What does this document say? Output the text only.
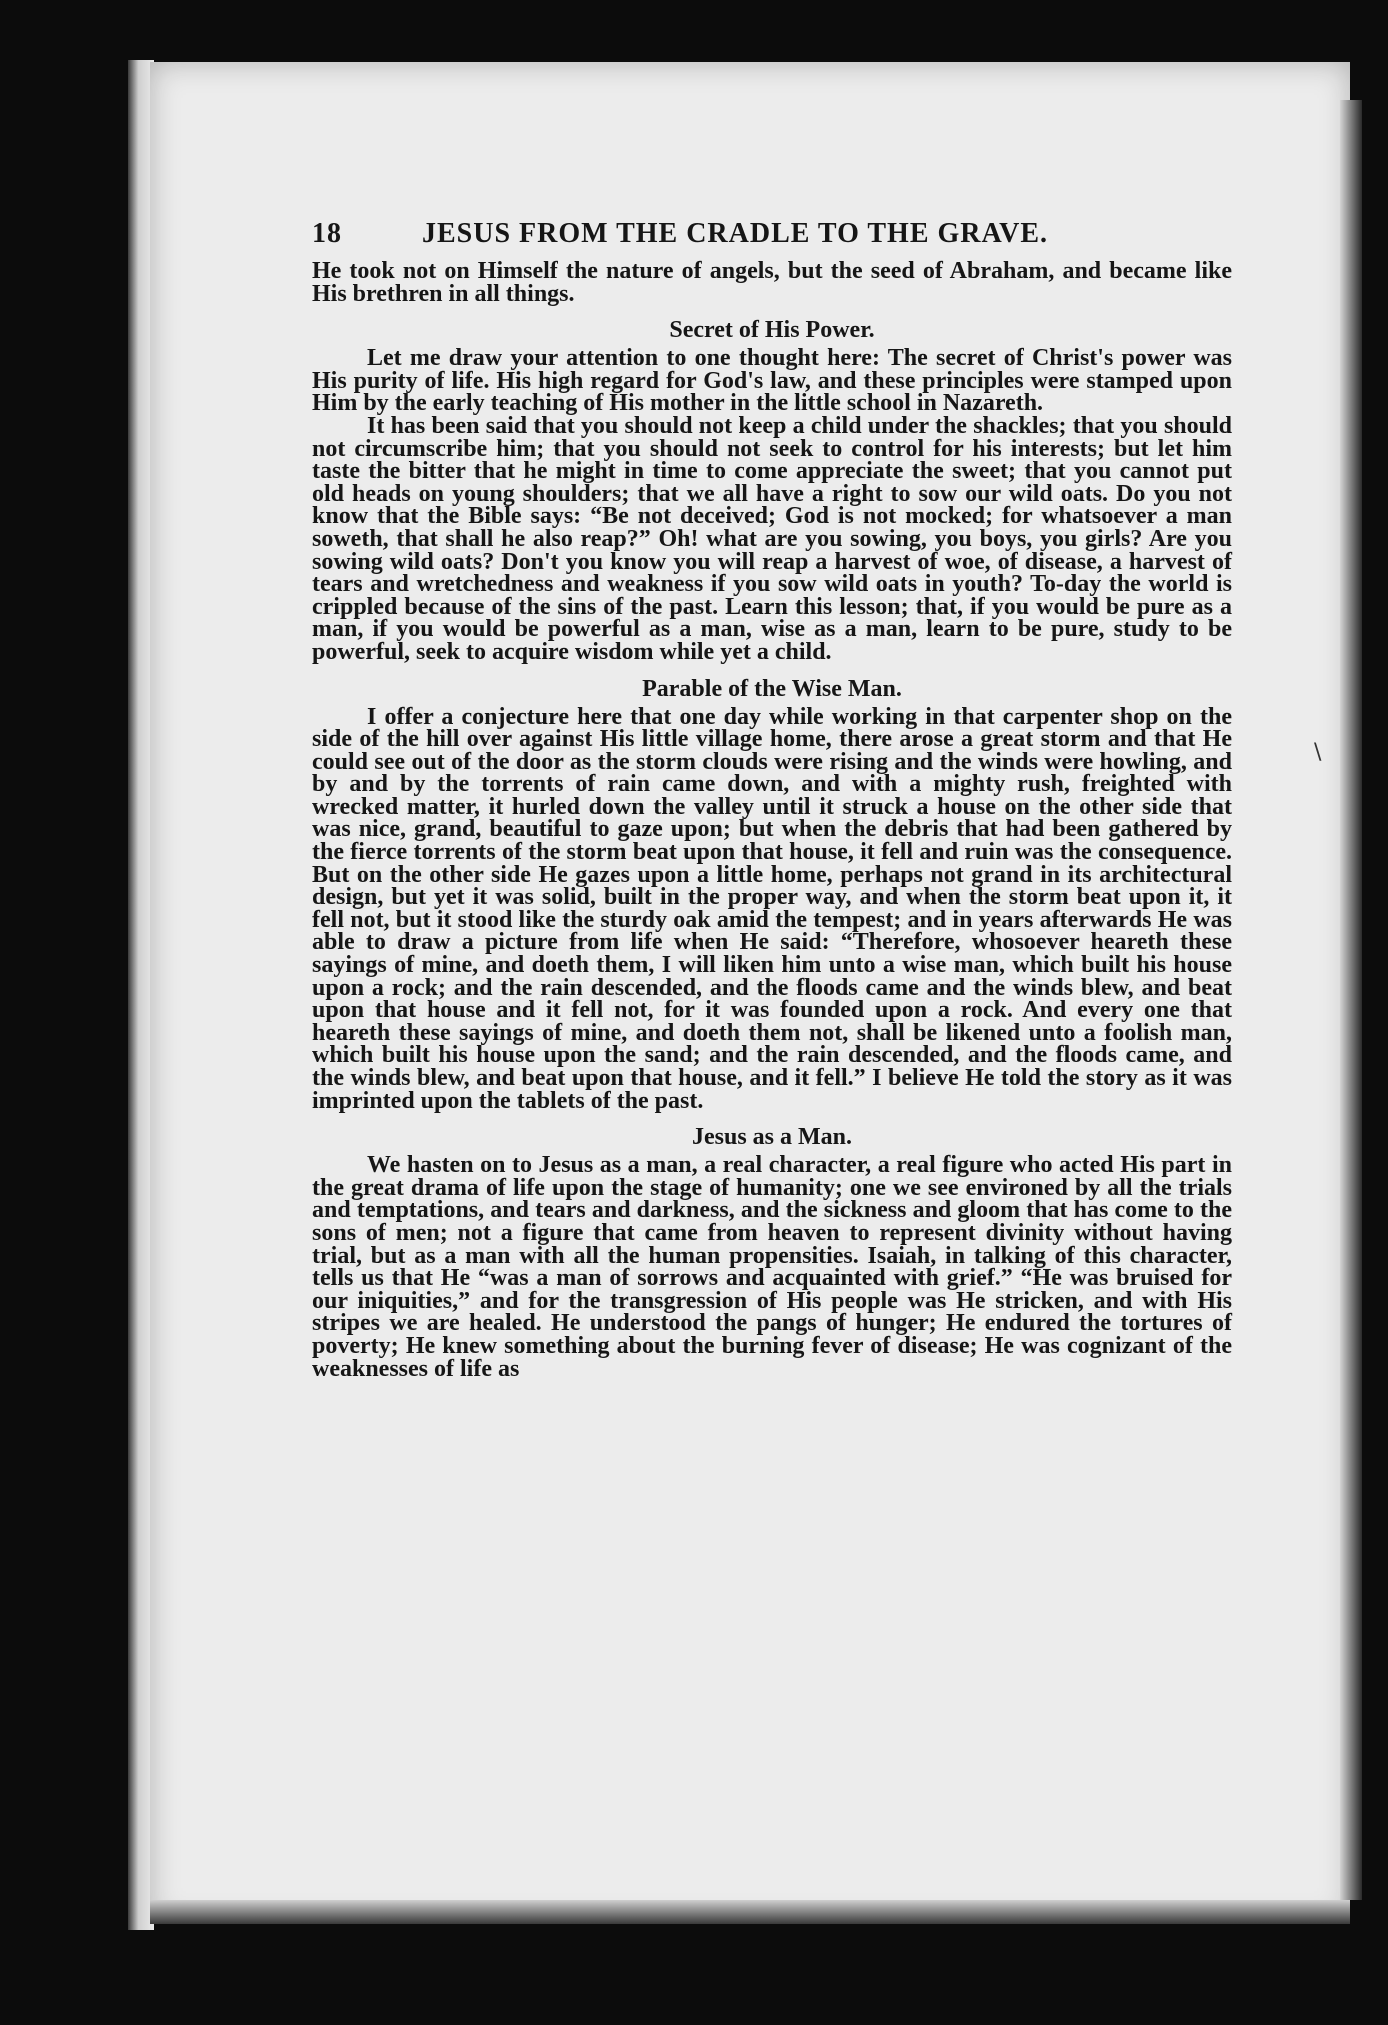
18	JESUS FROM THE CRADLE TO THE GRAVE.

He took not on Himself the nature of angels, but the seed of Abraham, and became like His brethren in all things.

Secret of His Power.

Let me draw your attention to one thought here: The secret of Christ's power was His purity of life. His high regard for God's law, and these principles were stamped upon Him by the early teaching of His mother in the little school in Nazareth.

It has been said that you should not keep a child under the shackles; that you should not circumscribe him; that you should not seek to control for his interests; but let him taste the bitter that he might in time to come appreciate the sweet; that you cannot put old heads on young shoulders; that we all have a right to sow our wild oats. Do you not know that the Bible says: “Be not deceived; God is not mocked; for whatsoever a man soweth, that shall he also reap?” Oh! what are you sowing, you boys, you girls? Are you sowing wild oats? Don't you know you will reap a harvest of woe, of disease, a harvest of tears and wretchedness and weakness if you sow wild oats in youth? To-day the world is crippled because of the sins of the past. Learn this lesson; that, if you would be pure as a man, if you would be powerful as a man, wise as a man, learn to be pure, study to be powerful, seek to acquire wisdom while yet a child.

Parable of the Wise Man.

I offer a conjecture here that one day while working in that carpenter shop on the side of the hill over against His little village home, there arose a great storm and that He could see out of the door as the storm clouds were rising and the winds were howling, and by and by the torrents of rain came down, and with a mighty rush, freighted with wrecked matter, it hurled down the valley until it struck a house on the other side that was nice, grand, beautiful to gaze upon; but when the debris that had been gathered by the fierce torrents of the storm beat upon that house, it fell and ruin was the consequence. But on the other side He gazes upon a little home, perhaps not grand in its architectural design, but yet it was solid, built in the proper way, and when the storm beat upon it, it fell not, but it stood like the sturdy oak amid the tempest; and in years afterwards He was able to draw a picture from life when He said: “Therefore, whosoever heareth these sayings of mine, and doeth them, I will liken him unto a wise man, which built his house upon a rock; and the rain descended, and the floods came and the winds blew, and beat upon that house and it fell not, for it was founded upon a rock. And every one that heareth these sayings of mine, and doeth them not, shall be likened unto a foolish man, which built his house upon the sand; and the rain descended, and the floods came, and the winds blew, and beat upon that house, and it fell.” I believe He told the story as it was imprinted upon the tablets of the past.

Jesus as a Man.

We hasten on to Jesus as a man, a real character, a real figure who acted His part in the great drama of life upon the stage of humanity; one we see environed by all the trials and temptations, and tears and darkness, and the sickness and gloom that has come to the sons of men; not a figure that came from heaven to represent divinity without having trial, but as a man with all the human propensities. Isaiah, in talking of this character, tells us that He “was a man of sorrows and acquainted with grief.” “He was bruised for our iniquities,” and for the transgression of His people was He stricken, and with His stripes we are healed. He understood the pangs of hunger; He endured the tortures of poverty; He knew something about the burning fever of disease; He was cognizant of the weaknesses of life as

\
